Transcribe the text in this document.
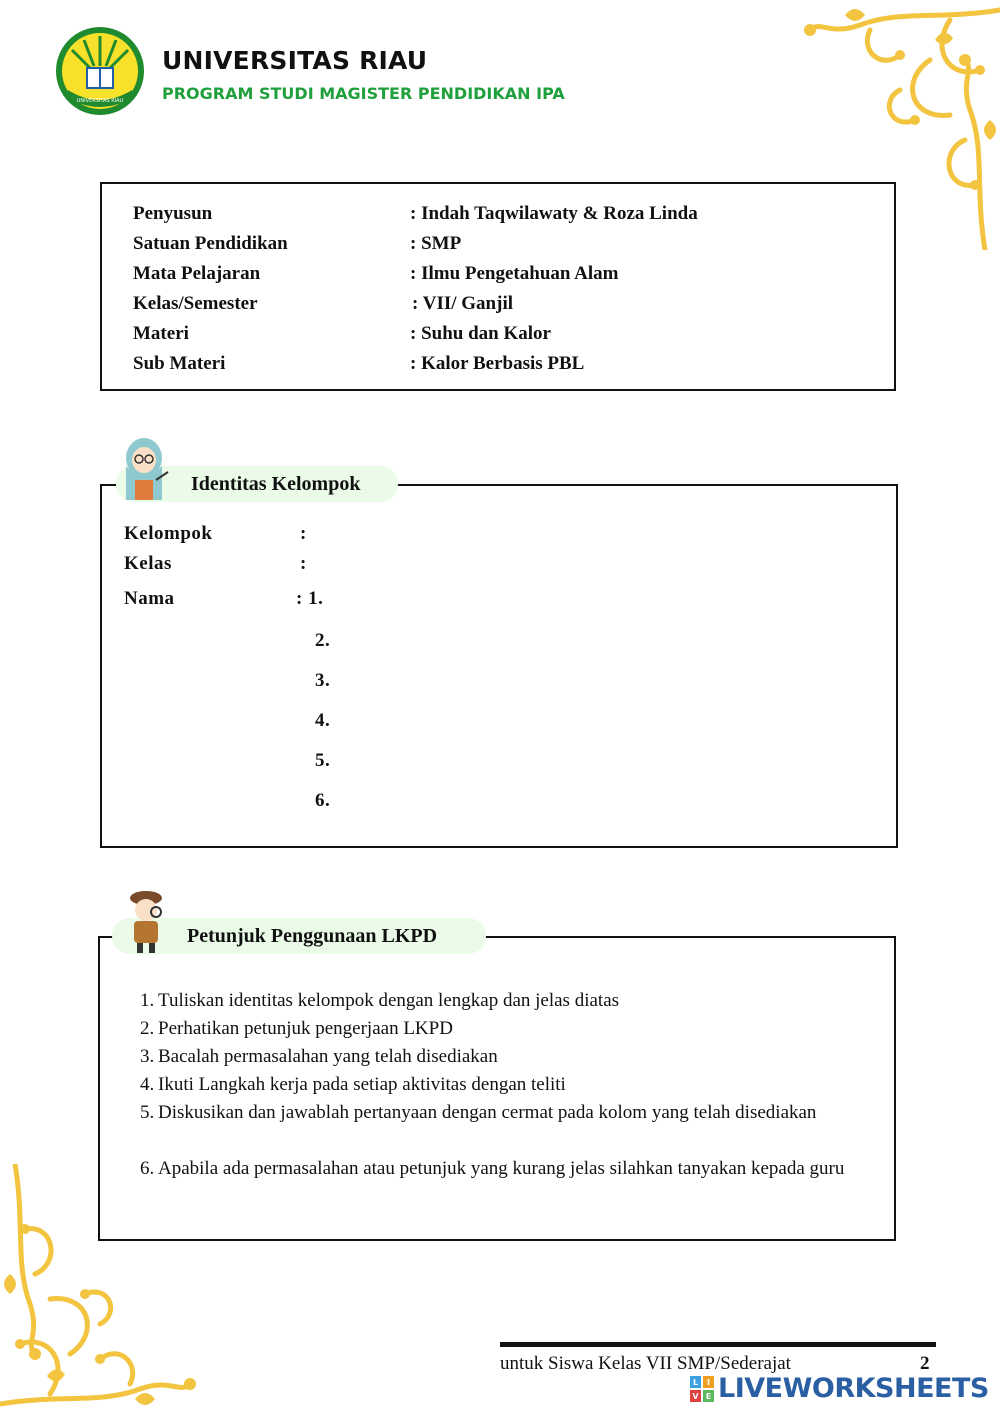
UNIVERSITAS RIAU
UNIVERSITAS RIAU
PROGRAM STUDI MAGISTER PENDIDIKAN IPA
Penyusun	: Indah Taqwilawaty & Roza Linda
Satuan Pendidikan	: SMP
Mata Pelajaran	: Ilmu Pengetahuan Alam
Kelas/Semester	: VII/ Ganjil
Materi	: Suhu dan Kalor
Sub Materi	: Kalor Berbasis PBL
Kelompok	:
Kelas	:
Nama	: 1.
2.
3.
4.
5.
6.
Identitas Kelompok
1. Tuliskan identitas kelompok dengan lengkap dan jelas diatas
2. Perhatikan petunjuk pengerjaan LKPD
3. Bacalah permasalahan yang telah disediakan
4. Ikuti Langkah kerja pada setiap aktivitas dengan teliti
5. Diskusikan dan jawablah pertanyaan dengan cermat pada kolom yang telah disediakan
6. Apabila ada permasalahan atau petunjuk yang kurang jelas silahkan tanyakan kepada guru
Petunjuk Penggunaan LKPD
untuk Siswa Kelas VII SMP/Sederajat	2
L I
V E LIVEWORKSHEETS
